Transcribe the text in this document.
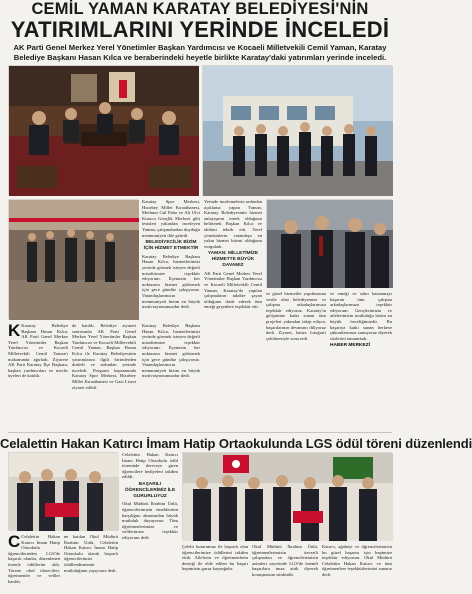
CEMİL YAMAN KARATAY BELEDİYESİ'NİN
YATIRIMLARINI YERİNDE İNCELEDİ
AK Parti Genel Merkez Yerel Yönetimler Başkan Yardımcısı ve Kocaeli Milletvekili Cemil Yaman, Karatay Belediye Başkanı Hasan Kılca ve beraberindeki heyetle birlikte Karatay'daki yatırımları yerinde inceledi.

Karatay Spor Merkezi, Hızırbey Millet Kıraathanesi, Merhum Gül Paba ve Ali Ulvi Kurucu Gençlik Merkezi gibi tesisleri yakından inceleyen Yaman, çalışmalardan duyduğu memnuniyeti dile getirdi.

BELEDİYECİLİK BİZİM İÇİN HİZMET ETMEKTİR

Karatay Belediye Başkanı Hasan Kılca, hizmetlerimizi yerinde görmek isteyen değerli misafirimize teşekkür ediyorum. İlçemizin her noktasına hizmet götürmek için gece gündüz çalışıyoruz. Vatandaşlarımızın memnuniyeti bizim en büyük motivasyonumuzdur dedi.

Yerinde incelemelerin ardından açıklama yapan Yaman, Karatay Belediyesinin hizmet anlayışının örnek olduğunu belirterek Başkan Kılca ve ekibini tebrik etti. Yerel yönetimlerin vatandaşa en yakın hizmet birimi olduğunu vurguladı.

YAMAN: MİLLETİMİZE HİZMETTE BÜYÜK DAVAMIZ

AK Parti Genel Merkez Yerel Yönetimler Başkan Yardımcısı ve Kocaeli Milletvekili Cemil Yaman, Karatay'da yapılan çalışmaların takdire şayan olduğunu ifade ederek tüm emeği geçenlere teşekkür etti.

K Karatay Belediye Başkanı Hasan Kılca, AK Parti Genel Merkez Yerel Yönetimler Başkan Yardımcısı ve Kocaeli Milletvekili Cemil Yaman'ı makamında ağırladı. Ziyarete AK Parti Karatay İlçe Başkanı, başkan yardımcıları ve meclis üyeleri de katıldı.

de katıldı. Belediye ziyareti sonrasında AK Parti Genel Merkez Yerel Yönetimler Başkan Yardımcısı ve Kocaeli Milletvekili Cemil Yaman, Başkan Hasan Kılca ile Karatay Belediyesinin yatırımlarını ilgili birimlerden dinledi ve ardından yerinde inceledi. Program kapsamında Karatay Spor Merkezi, Hızırbey Millet Kıraathanesi ve Gazi Lisesi ziyaret edildi.

Karatay Belediye Başkanı Hasan Kılca, hizmetlerimizi yerinde görmek isteyen değerli misafirimize teşekkür ediyorum. İlçemizin her noktasına hizmet götürmek için gece gündüz çalışıyoruz. Vatandaşlarımızın memnuniyeti bizim en büyük motivasyonumuzdur dedi.

ve güzel hizmetler yapılmasına vesile olan belediyemize ve çalışma arkadaşlarımıza teşekkür ediyoruz. Karatay'ın gelişimine katkı sunan tüm projeleri yakından takip ediyor, başarılarının devamını diliyoruz dedi. Ziyaret, hatıra fotoğrafı çekilmesiyle sona erdi.

ve emeği ve sabrı kazanmayı başaran tüm çalışma arkadaşlarımıza teşekkür ediyorum. Gençlerimizin ve ailelerimizin mutluluğu bizim en büyük önceliğimizdir. Bu başarıya katkı sunan herkese şükranlarımızı sunuyoruz diyerek sözlerini tamamladı.

HABER MERKEZİ
Celalettin Hakan Katırcı İmam Hatip Ortaokulunda LGS ödül töreni düzenlendi

Celalettin Hakan Katırcı İmam Hatip Ortaokulu ödül töreninde dereceye giren öğrencilere hediyeleri takdim edildi.

BAŞARILI ÖĞRENCİLERİMİZ İLE GURURLUYUZ

Okul Müdürü İbrahim Ünlü, öğrencilerimizin emeklerinin karşılığını almasından büyük mutluluk duyuyoruz. Tüm öğretmenlerimize ve velilerimize teşekkür ediyorum dedi.

C Celalettin Hakan Katırcı İmam Hatip Ortaokulu öğrencilerinden LGS'de başarılı olanlar, düzenlenen törenle ödüllerini aldı. Törene okul idarecileri, öğretmenler ve veliler katıldı.

ne katılan Okul Müdürü İbrahim Ünlü, Celalettin Hakan Katırcı İmam Hatip Ortaokulu olarak başarılı öğrencilerimizi ödüllendirmenin mutluluğunu yaşıyoruz dedi.

Çelebi kumrumuz ile başarılı olan öğrencilerimize ödüllerini takdim ettik. Ailelerin ve öğretmenlerin desteği ile elde edilen bu başarı hepimizin gurur kaynağıdır.

Okul Müdürü İbrahim Ünlü, öğretmenlerimizin özverili çalışmaları ve öğrencilerimizin azimleri sayesinde LGS'de önemli başarılara imza attık diyerek konuşmasını sürdürdü.

Katırcı, ağabeyi ve öğrencilerimizin bu güzel başarısı için hepimize teşekkür ediyorum. Okul Müdürü Celalettin Hakan Katırcı ve tüm öğretmenlere teşekkürlerimizi sunarız dedi.
